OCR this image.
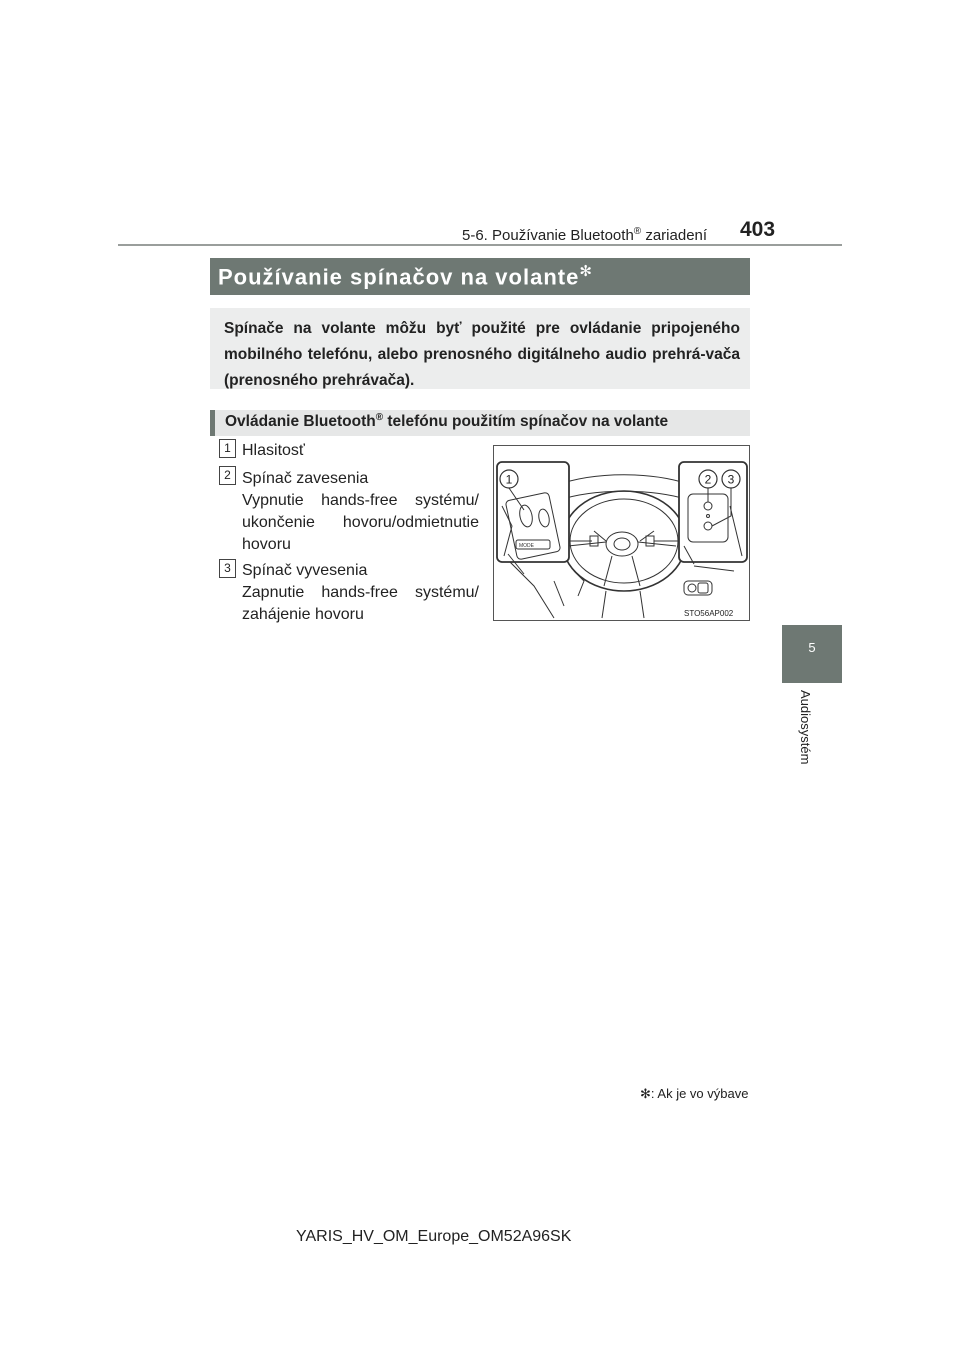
5-6. Používanie Bluetooth® zariadení 403
5
Audiosystém
Používanie spínačov na volante✻
Spínače na volante môžu byť použité pre ovládanie pripojeného mobilného telefónu, alebo prenosného digitálneho audio prehrá-vača (prenosného prehrávača).
Ovládanie Bluetooth® telefónu použitím spínačov na volante
1 Hlasitosť
2 Spínač zavesenia
Vypnutie hands-free systému/
ukončenie hovoru/odmietnutie
hovoru
3 Spínač vyvesenia
Zapnutie hands-free systému/
zahájenie hovoru
MODE
1	2 3
STO56AP002
✻: Ak je vo výbave
YARIS_HV_OM_Europe_OM52A96SK
